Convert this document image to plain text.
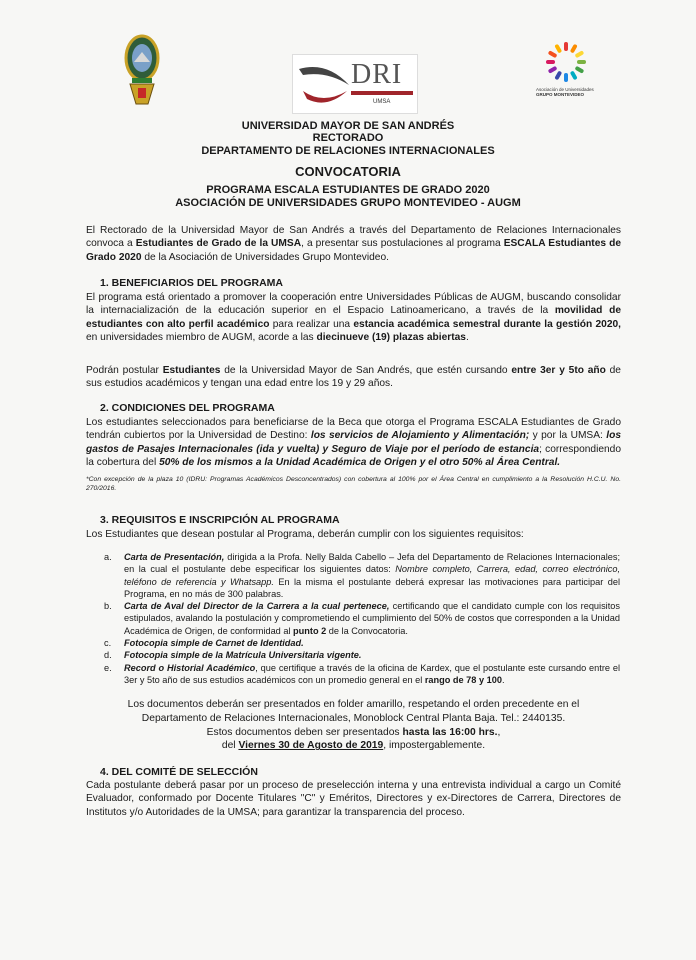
DRI
UMSA
Asociación de Universidades
GRUPO MONTEVIDEO
UNIVERSIDAD MAYOR DE SAN ANDRÉS
RECTORADO
DEPARTAMENTO DE RELACIONES INTERNACIONALES
CONVOCATORIA
PROGRAMA ESCALA ESTUDIANTES DE GRADO 2020
ASOCIACIÓN DE UNIVERSIDADES GRUPO MONTEVIDEO - AUGM
El Rectorado de la Universidad Mayor de San Andrés a través del Departamento de Relaciones Internacionales convoca a Estudiantes de Grado de la UMSA, a presentar sus postulaciones al programa ESCALA Estudiantes de Grado 2020 de la Asociación de Universidades Grupo Montevideo.
1. BENEFICIARIOS DEL PROGRAMA
El programa está orientado a promover la cooperación entre Universidades Públicas de AUGM, buscando consolidar la internacialización de la educación superior en el Espacio Latinoamericano, a través de la movilidad de estudiantes con alto perfil académico para realizar una estancia académica semestral durante la gestión 2020, en universidades miembro de AUGM, acorde a las diecinueve (19) plazas abiertas.
Podrán postular Estudiantes de la Universidad Mayor de San Andrés, que estén cursando entre 3er y 5to año de sus estudios académicos y tengan una edad entre los 19 y 29 años.
2. CONDICIONES DEL PROGRAMA
Los estudiantes seleccionados para beneficiarse de la Beca que otorga el Programa ESCALA Estudiantes de Grado tendrán cubiertos por la Universidad de Destino: los servicios de Alojamiento y Alimentación; y por la UMSA: los gastos de Pasajes Internacionales (ida y vuelta) y Seguro de Viaje por el período de estancia; correspondiendo la cobertura del 50% de los mismos a la Unidad Académica de Origen y el otro 50% al Área Central.
*Con excepción de la plaza 10 (IDRU: Programas Académicos Desconcentrados) con cobertura al 100% por el Área Central en cumplimiento a la Resolución H.C.U. No. 270/2016.
3. REQUISITOS E INSCRIPCIÓN AL PROGRAMA
Los Estudiantes que desean postular al Programa, deberán cumplir con los siguientes requisitos:
a. Carta de Presentación, dirigida a la Profa. Nelly Balda Cabello – Jefa del Departamento de Relaciones Internacionales; en la cual el postulante debe especificar los siguientes datos: Nombre completo, Carrera, edad, correo electrónico, teléfono de referencia y Whatsapp. En la misma el postulante deberá expresar las motivaciones para participar del Programa, en no más de 300 palabras.
b. Carta de Aval del Director de la Carrera a la cual pertenece, certificando que el candidato cumple con los requisitos estipulados, avalando la postulación y comprometiendo el cumplimiento del 50% de costos que corresponden a la Unidad Académica de Origen, de conformidad al punto 2 de la Convocatoria.
c. Fotocopia simple de Carnet de Identidad.
d. Fotocopia simple de la Matrícula Universitaria vigente.
e. Record o Historial Académico, que certifique a través de la oficina de Kardex, que el postulante este cursando entre el 3er y 5to año de sus estudios académicos con un promedio general en el rango de 78 y 100.
Los documentos deberán ser presentados en folder amarillo, respetando el orden precedente en el
Departamento de Relaciones Internacionales, Monoblock Central Planta Baja. Tel.: 2440135.
Estos documentos deben ser presentados hasta las 16:00 hrs.,
del Viernes 30 de Agosto de 2019, impostergablemente.
4. DEL COMITÉ DE SELECCIÓN
Cada postulante deberá pasar por un proceso de preselección interna y una entrevista individual a cargo un Comité Evaluador, conformado por Docente Titulares "C" y Eméritos, Directores y ex-Directores de Carrera, Directores de Institutos y/o Autoridades de la UMSA; para garantizar la transparencia del proceso.
